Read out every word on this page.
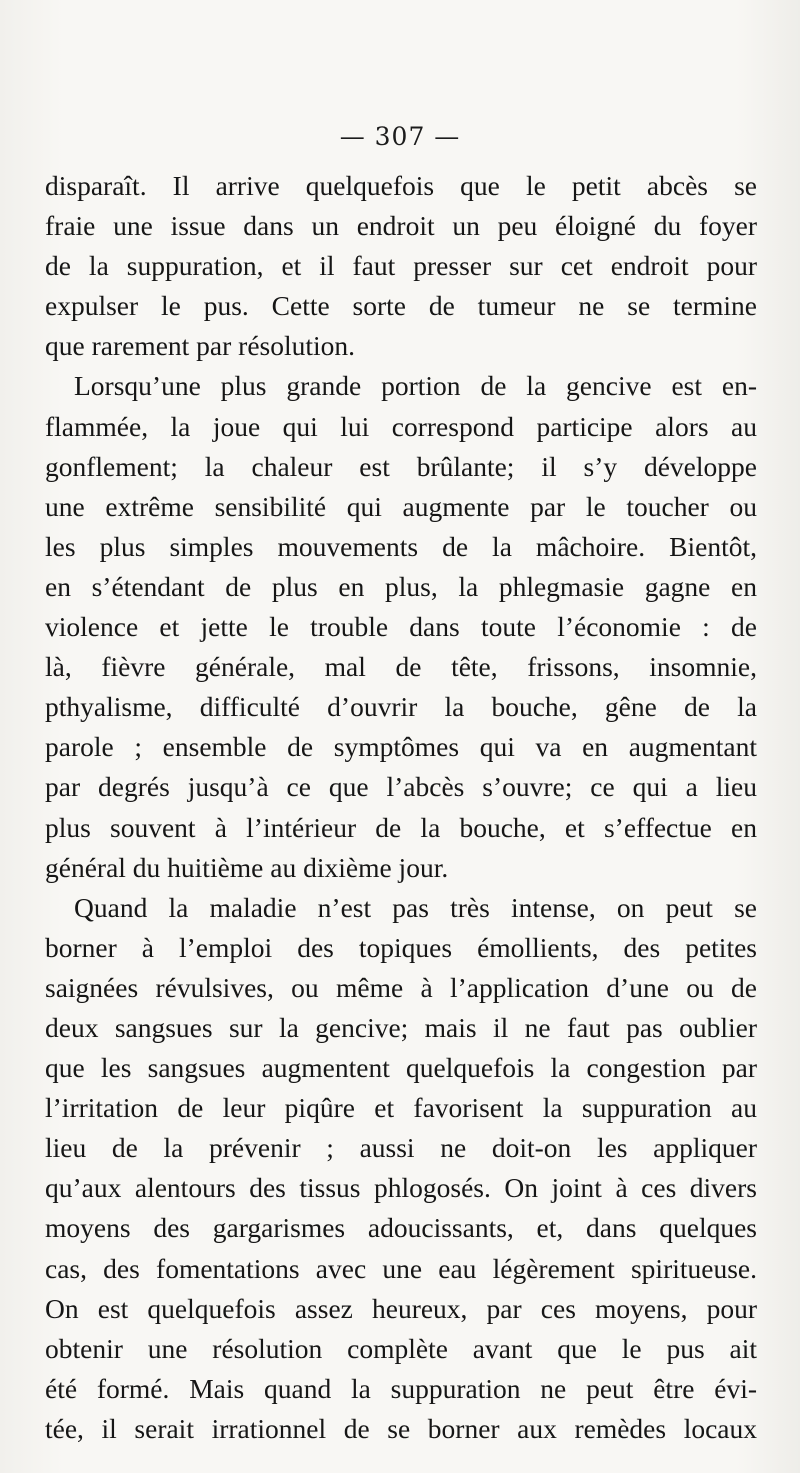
— 307 —
disparaît. Il arrive quelquefois que le petit abcès se
fraie une issue dans un endroit un peu éloigné du foyer
de la suppuration, et il faut presser sur cet endroit pour
expulser le pus. Cette sorte de tumeur ne se termine
que rarement par résolution.
Lorsqu’une plus grande portion de la gencive est en-
flammée, la joue qui lui correspond participe alors au
gonflement; la chaleur est brûlante; il s’y développe
une extrême sensibilité qui augmente par le toucher ou
les plus simples mouvements de la mâchoire. Bientôt,
en s’étendant de plus en plus, la phlegmasie gagne en
violence et jette le trouble dans toute l’économie : de
là, fièvre générale, mal de tête, frissons, insomnie,
pthyalisme, difficulté d’ouvrir la bouche, gêne de la
parole ; ensemble de symptômes qui va en augmentant
par degrés jusqu’à ce que l’abcès s’ouvre; ce qui a lieu
plus souvent à l’intérieur de la bouche, et s’effectue en
général du huitième au dixième jour.
Quand la maladie n’est pas très intense, on peut se
borner à l’emploi des topiques émollients, des petites
saignées révulsives, ou même à l’application d’une ou de
deux sangsues sur la gencive; mais il ne faut pas oublier
que les sangsues augmentent quelquefois la congestion par
l’irritation de leur piqûre et favorisent la suppuration au
lieu de la prévenir ; aussi ne doit-on les appliquer
qu’aux alentours des tissus phlogosés. On joint à ces divers
moyens des gargarismes adoucissants, et, dans quelques
cas, des fomentations avec une eau légèrement spiritueuse.
On est quelquefois assez heureux, par ces moyens, pour
obtenir une résolution complète avant que le pus ait
été formé. Mais quand la suppuration ne peut être évi-
tée, il serait irrationnel de se borner aux remèdes locaux
